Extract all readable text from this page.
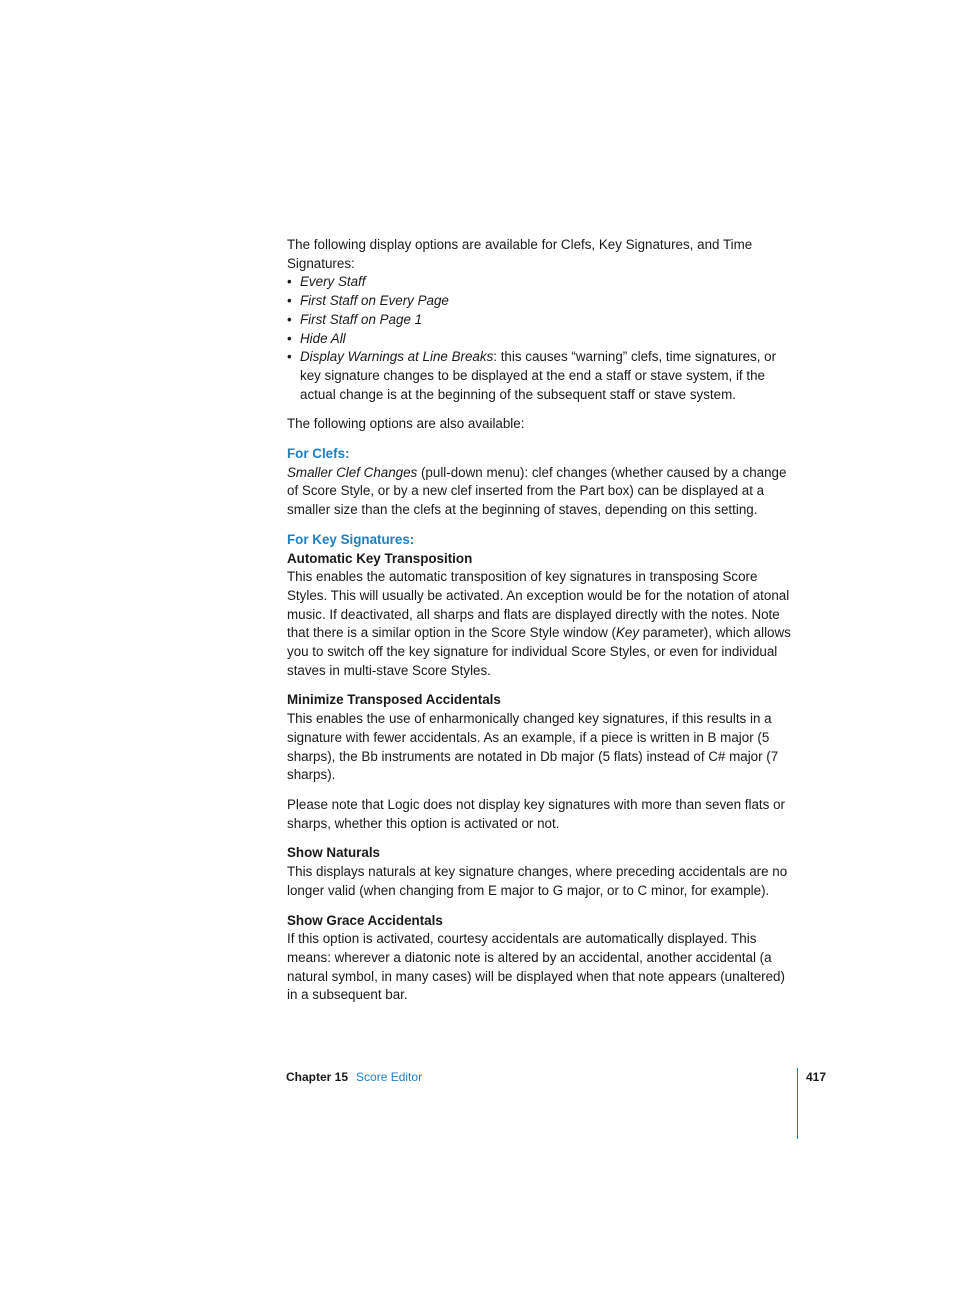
The following display options are available for Clefs, Key Signatures, and Time Signatures:

• Every Staff
• First Staff on Every Page
• First Staff on Page 1
• Hide All
• Display Warnings at Line Breaks: this causes “warning” clefs, time signatures, or key signature changes to be displayed at the end a staff or stave system, if the actual change is at the beginning of the subsequent staff or stave system.

The following options are also available:

For Clefs:

Smaller Clef Changes (pull-down menu): clef changes (whether caused by a change of Score Style, or by a new clef inserted from the Part box) can be displayed at a smaller size than the clefs at the beginning of staves, depending on this setting.

For Key Signatures:

Automatic Key Transposition

This enables the automatic transposition of key signatures in transposing Score Styles. This will usually be activated. An exception would be for the notation of atonal music. If deactivated, all sharps and flats are displayed directly with the notes. Note that there is a similar option in the Score Style window (Key parameter), which allows you to switch off the key signature for individual Score Styles, or even for individual staves in multi-stave Score Styles.

Minimize Transposed Accidentals

This enables the use of enharmonically changed key signatures, if this results in a signature with fewer accidentals. As an example, if a piece is written in B major (5 sharps), the Bb instruments are notated in Db major (5 flats) instead of C# major (7 sharps).

Please note that Logic does not display key signatures with more than seven flats or sharps, whether this option is activated or not.

Show Naturals

This displays naturals at key signature changes, where preceding accidentals are no longer valid (when changing from E major to G major, or to C minor, for example).

Show Grace Accidentals

If this option is activated, courtesy accidentals are automatically displayed. This means: wherever a diatonic note is altered by an accidental, another accidental (a natural symbol, in many cases) will be displayed when that note appears (unaltered) in a subsequent bar.

Chapter 15 Score Editor	417
